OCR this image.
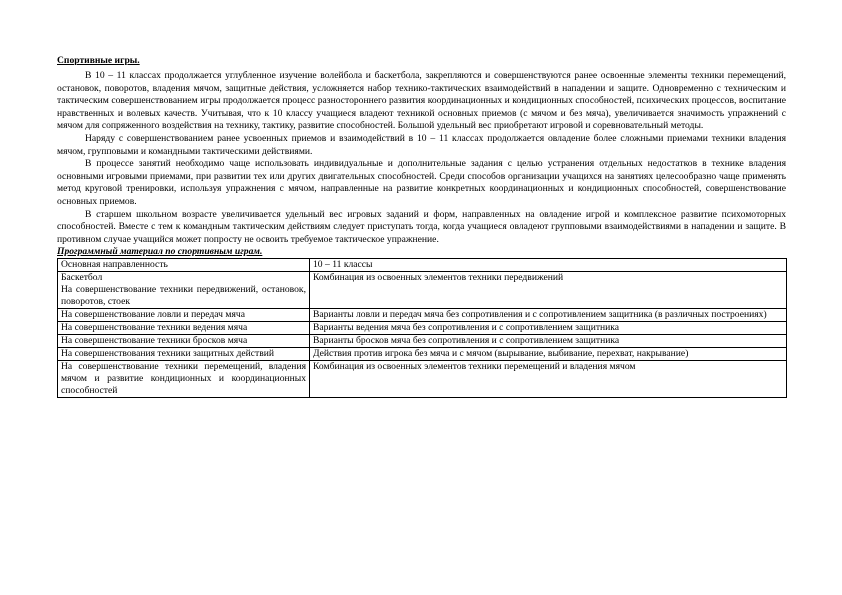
Спортивные игры.

В 10 – 11 классах продолжается углубленное изучение волейбола и баскетбола, закрепляются и совершенствуются ранее освоенные элементы техники перемещений, остановок, поворотов, владения мячом, защитные действия, усложняется набор технико-тактических взаимодействий в нападении и защите. Одновременно с техническим и тактическим совершенствованием игры продолжается процесс разностороннего развития координационных и кондиционных способностей, психических процессов, воспитание нравственных и волевых качеств. Учитывая, что к 10 классу учащиеся владеют техникой основных приемов (с мячом и без мяча), увеличивается значимость упражнений с мячом для сопряженного воздействия на технику, тактику, развитие способностей. Большой удельный вес приобретают игровой и соревновательный методы.

Наряду с совершенствованием ранее усвоенных приемов и взаимодействий в 10 – 11 классах продолжается овладение более сложными приемами техники владения мячом, групповыми и командными тактическими действиями.

В процессе занятий необходимо чаще использовать индивидуальные и дополнительные задания с целью устранения отдельных недостатков в технике владения основными игровыми приемами, при развитии тех или других двигательных способностей. Среди способов организации учащихся на занятиях целесообразно чаще применять метод круговой тренировки, используя упражнения с мячом, направленные на развитие конкретных координационных и кондиционных способностей, совершенствование основных приемов.

В старшем школьном возрасте увеличивается удельный вес игровых заданий и форм, направленных на овладение игрой и комплексное развитие психомоторных способностей. Вместе с тем к командным тактическим действиям следует приступать тогда, когда учащиеся овладеют групповыми взаимодействиями в нападении и защите. В противном случае учащийся может попросту не освоить требуемое тактическое упражнение.

Программный материал по спортивным играм.

Основная направленность	10 – 11 классы

Баскетбол
На совершенствование техники передвижений, остановок, поворотов, стоек	Комбинация из освоенных элементов техники передвижений
На совершенствование ловли и передач мяча	Варианты ловли и передач мяча без сопротивления и с сопротивлением защитника (в различных построениях)
На совершенствование техники ведения мяча	Варианты ведения мяча без сопротивления и с сопротивлением защитника
На совершенствование техники бросков мяча	Варианты бросков мяча без сопротивления и с сопротивлением защитника
На совершенствования техники защитных действий	Действия против игрока без мяча и с мячом (вырывание, выбивание, перехват, накрывание)
На совершенствование техники перемещений, владения мячом и развитие кондиционных и координационных способностей	Комбинация из освоенных элементов техники перемещений и владения мячом
